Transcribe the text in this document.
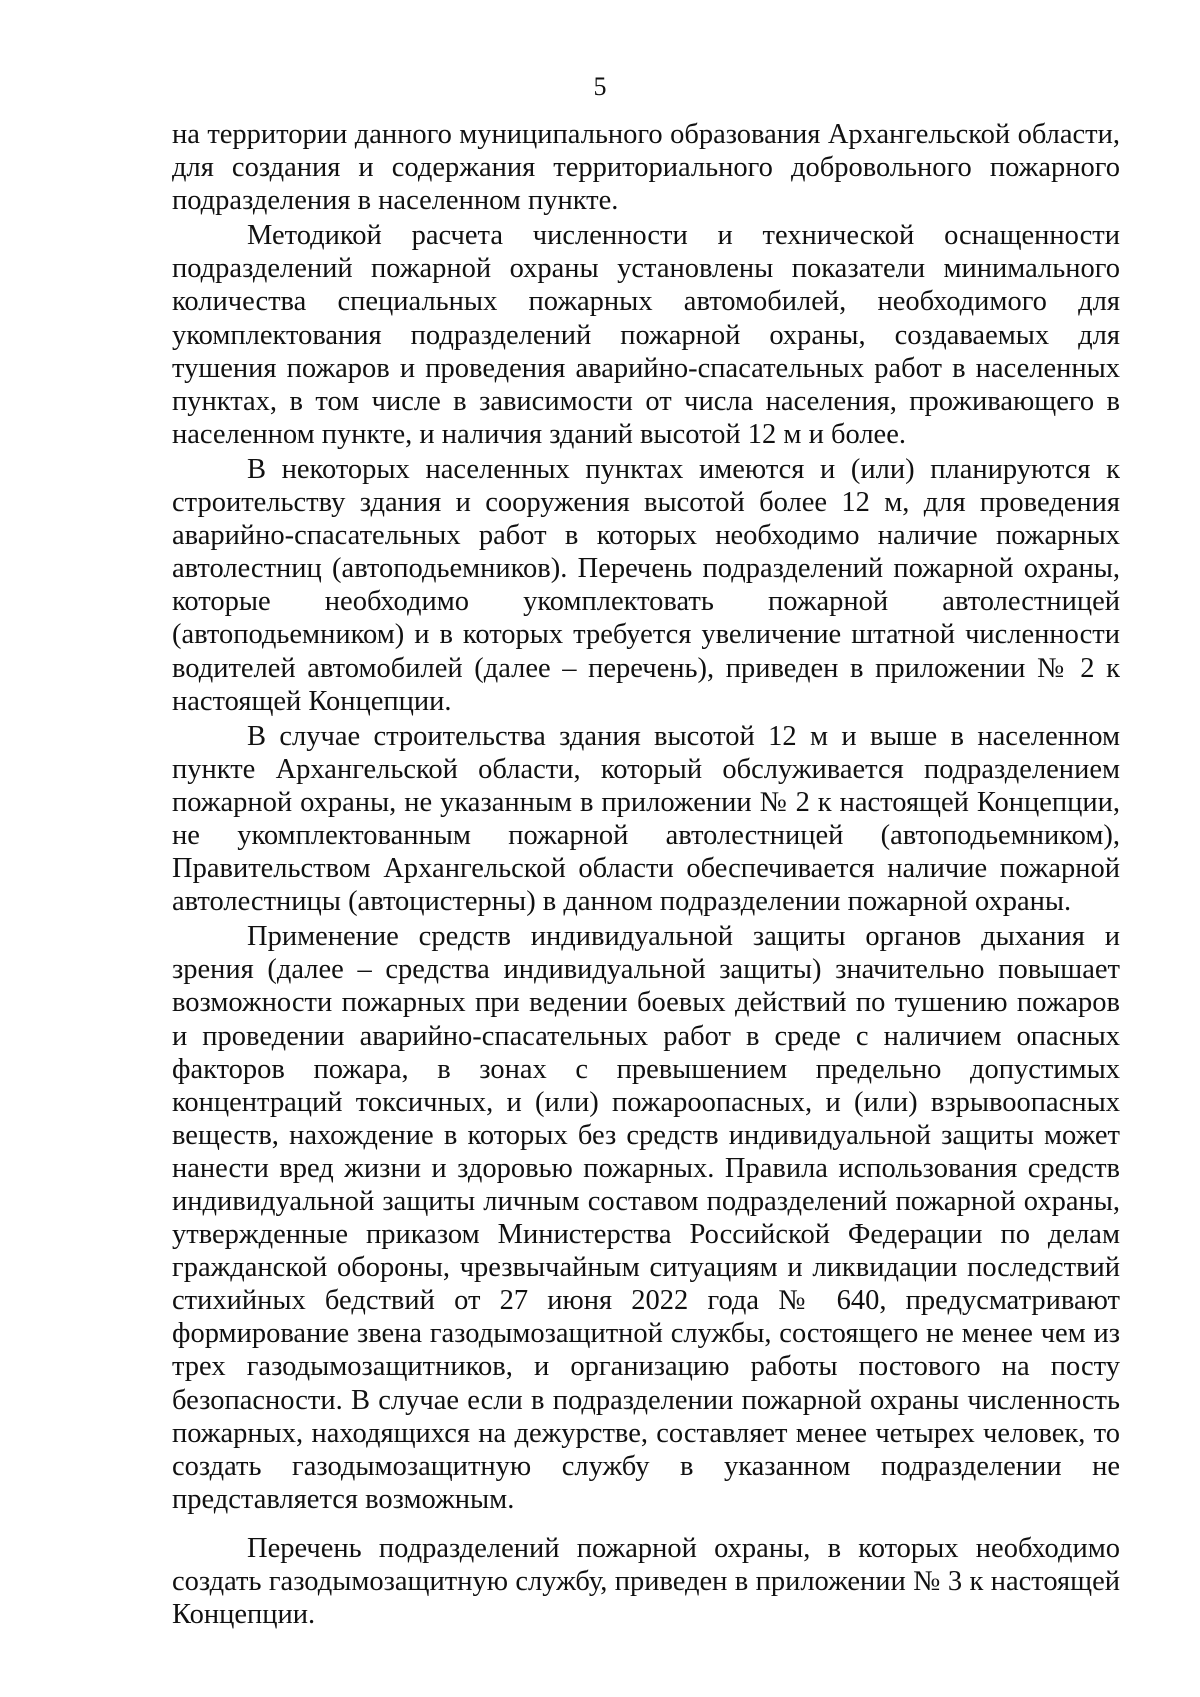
5

на территории данного муниципального образования Архангельской области, для создания и содержания территориального добровольного пожарного подразделения в населенном пункте.

Методикой расчета численности и технической оснащенности подразделений пожарной охраны установлены показатели минимального количества специальных пожарных автомобилей, необходимого для укомплектования подразделений пожарной охраны, создаваемых для тушения пожаров и проведения аварийно-спасательных работ в населенных пунктах, в том числе в зависимости от числа населения, проживающего в населенном пункте, и наличия зданий высотой 12 м и более.

В некоторых населенных пунктах имеются и (или) планируются к строительству здания и сооружения высотой более 12 м, для проведения аварийно-спасательных работ в которых необходимо наличие пожарных автолестниц (автоподьемников). Перечень подразделений пожарной охраны, которые необходимо укомплектовать пожарной автолестницей (автоподьемником) и в которых требуется увеличение штатной численности водителей автомобилей (далее – перечень), приведен в приложении № 2 к настоящей Концепции.

В случае строительства здания высотой 12 м и выше в населенном пункте Архангельской области, который обслуживается подразделением пожарной охраны, не указанным в приложении № 2 к настоящей Концепции, не укомплектованным пожарной автолестницей (автоподьемником), Правительством Архангельской области обеспечивается наличие пожарной автолестницы (автоцистерны) в данном подразделении пожарной охраны.

Применение средств индивидуальной защиты органов дыхания и зрения (далее – средства индивидуальной защиты) значительно повышает возможности пожарных при ведении боевых действий по тушению пожаров и проведении аварийно-спасательных работ в среде с наличием опасных факторов пожара, в зонах с превышением предельно допустимых концентраций токсичных, и (или) пожароопасных, и (или) взрывоопасных веществ, нахождение в которых без средств индивидуальной защиты может нанести вред жизни и здоровью пожарных. Правила использования средств индивидуальной защиты личным составом подразделений пожарной охраны, утвержденные приказом Министерства Российской Федерации по делам гражданской обороны, чрезвычайным ситуациям и ликвидации последствий стихийных бедствий от 27 июня 2022 года № 640, предусматривают формирование звена газодымозащитной службы, состоящего не менее чем из трех газодымозащитников, и организацию работы постового на посту безопасности. В случае если в подразделении пожарной охраны численность пожарных, находящихся на дежурстве, составляет менее четырех человек, то создать газодымозащитную службу в указанном подразделении не представляется возможным.

Перечень подразделений пожарной охраны, в которых необходимо создать газодымозащитную службу, приведен в приложении № 3 к настоящей Концепции.
